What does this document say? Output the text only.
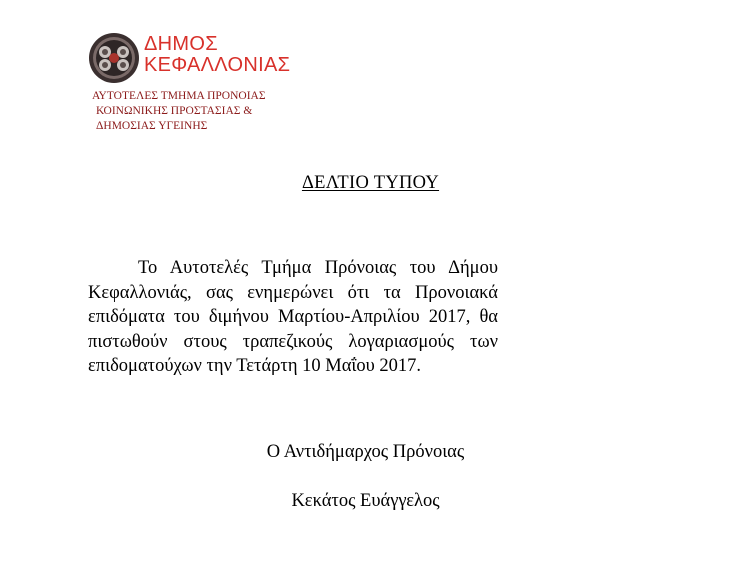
ΔΗΜΟΣ
ΚΕΦΑΛΛΟΝΙΑΣ
ΑΥΤΟΤΕΛΕΣ ΤΜΗΜΑ ΠΡΟΝΟΙΑΣ
ΚΟΙΝΩΝΙΚΗΣ ΠΡΟΣΤΑΣΙΑΣ &
ΔΗΜΟΣΙΑΣ ΥΓΕΙΝΗΣ
ΔΕΛΤΙΟ ΤΥΠΟΥ
Το Αυτοτελές Τμήμα Πρόνοιας του Δήμου Κεφαλλονιάς, σας ενημερώνει ότι τα Προνοιακά επιδόματα του διμήνου Μαρτίου-Απριλίου 2017, θα πιστωθούν στους τραπεζικούς λογαριασμούς των επιδοματούχων την Τετάρτη 10 Μαΐου 2017.
Ο Αντιδήμαρχος Πρόνοιας
Κεκάτος Ευάγγελος
